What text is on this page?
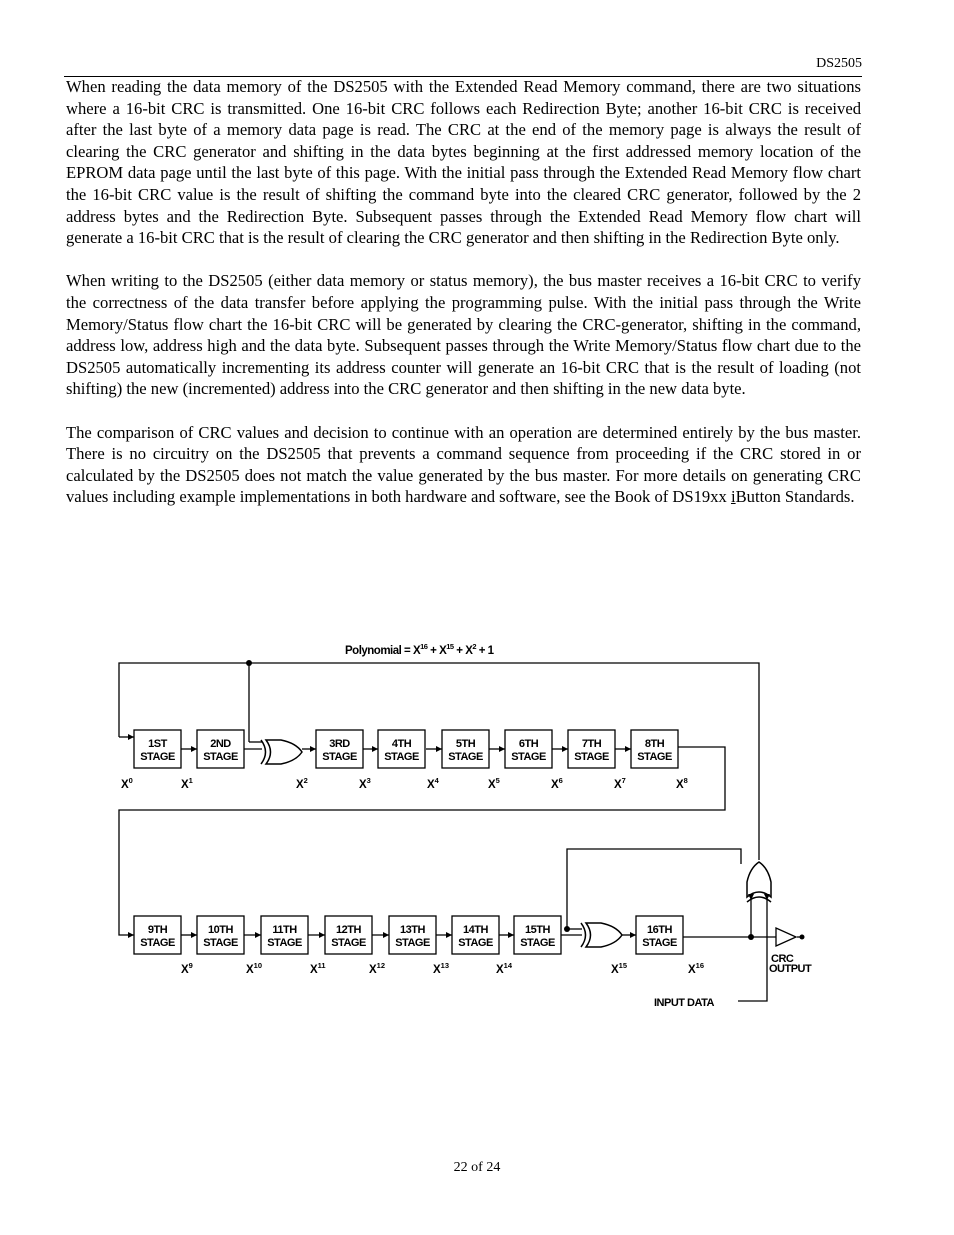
DS2505

When reading the data memory of the DS2505 with the Extended Read Memory command, there are two situations where a 16-bit CRC is transmitted. One 16-bit CRC follows each Redirection Byte; another 16-bit CRC is received after the last byte of a memory data page is read. The CRC at the end of the memory page is always the result of clearing the CRC generator and shifting in the data bytes beginning at the first addressed memory location of the EPROM data page until the last byte of this page. With the initial pass through the Extended Read Memory flow chart the 16-bit CRC value is the result of shifting the command byte into the cleared CRC generator, followed by the 2 address bytes and the Redirection Byte. Subsequent passes through the Extended Read Memory flow chart will generate a 16-bit CRC that is the result of clearing the CRC generator and then shifting in the Redirection Byte only.

When writing to the DS2505 (either data memory or status memory), the bus master receives a 16-bit CRC to verify the correctness of the data transfer before applying the programming pulse. With the initial pass through the Write Memory/Status flow chart the 16-bit CRC will be generated by clearing the CRC-generator, shifting in the command, address low, address high and the data byte. Subsequent passes through the Write Memory/Status flow chart due to the DS2505 automatically incrementing its address counter will generate an 16-bit CRC that is the result of loading (not shifting) the new (incremented) address into the CRC generator and then shifting in the new data byte.

The comparison of CRC values and decision to continue with an operation are determined entirely by the bus master. There is no circuitry on the DS2505 that prevents a command sequence from proceeding if the CRC stored in or calculated by the DS2505 does not match the value generated by the bus master. For more details on generating CRC values including example implementations in both hardware and software, see the Book of DS19xx iButton Standards.

Polynomial = $X^{16} + X^{15} + X^2 + 1$
1ST
STAGE
2ND
STAGE
3RD
STAGE
4TH
STAGE
5TH
STAGE
6TH
STAGE
7TH
STAGE
8TH
STAGE
9TH
STAGE
10TH
STAGE
11TH
STAGE
12TH
STAGE
13TH
STAGE
14TH
STAGE
15TH
STAGE
16TH
STAGE
$X^0$	$X^1$	$X^2$	$X^3$	$X^4$	$X^5$	$X^6$	$X^7$	$X^8$
$X^9$	$X^{10}$	$X^{11}$	$X^{12}$	$X^{13}$	$X^{14}$	$X^{15}$	$X^{16}$
CRC
OUTPUT
INPUT DATA
22 of 24
